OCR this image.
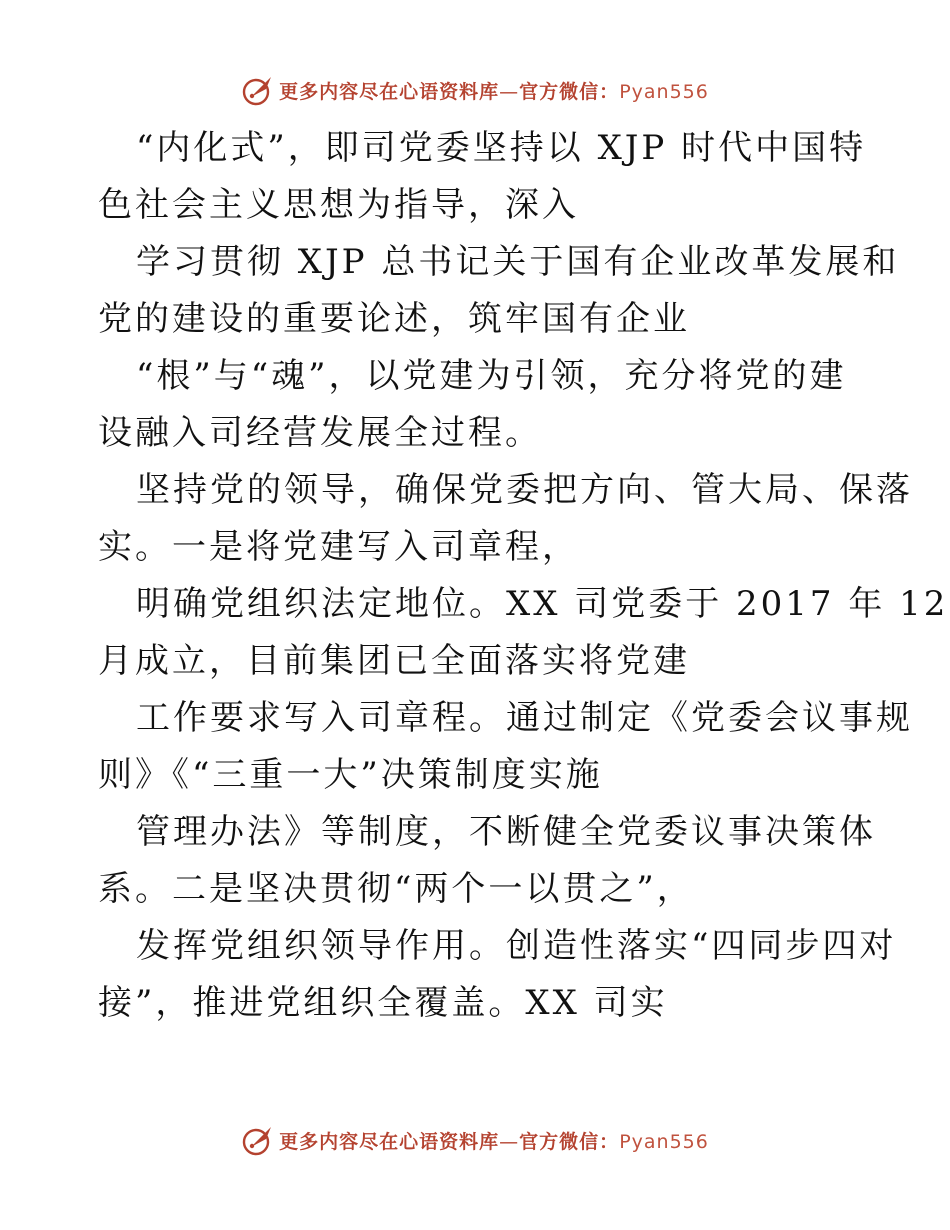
更多内容尽在心语资料库—官方微信：Pyan556
“内化式”，即司党委坚持以 XJP 时代中国特
色社会主义思想为指导，深入
学习贯彻 XJP 总书记关于国有企业改革发展和
党的建设的重要论述，筑牢国有企业
“根”与“魂”，以党建为引领，充分将党的建
设融入司经营发展全过程。
坚持党的领导，确保党委把方向、管大局、保落
实。一是将党建写入司章程，
明确党组织法定地位。XX 司党委于 2017 年 12
月成立，目前集团已全面落实将党建
工作要求写入司章程。通过制定《党委会议事规
则》《“三重一大”决策制度实施
管理办法》等制度，不断健全党委议事决策体
系。二是坚决贯彻“两个一以贯之”，
发挥党组织领导作用。创造性落实“四同步四对
接”，推进党组织全覆盖。XX 司实
更多内容尽在心语资料库—官方微信：Pyan556
